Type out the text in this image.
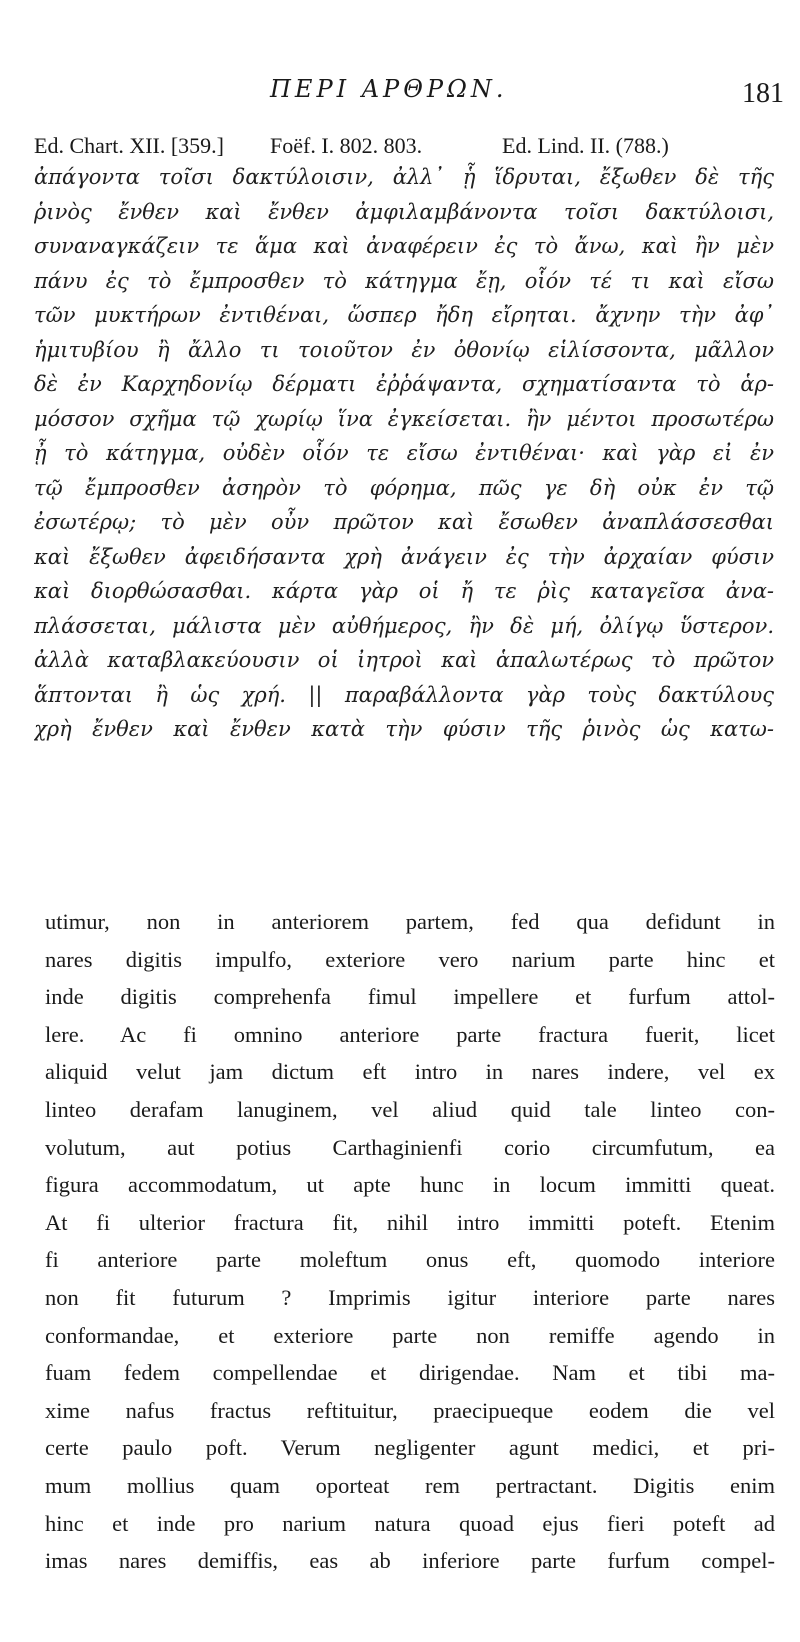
ΠΕΡΙ ΑΡΘΡΩΝ.	181
Ed. Chart. XII. [359.] Foëf. I. 802. 803.	Ed. Lind. II. (788.)
ἀπάγοντα τοῖσι δακτύλοισιν, ἀλλ᾽ ᾗ ἵδρυται, ἔξωθεν δὲ τῆς
ῥινὸς ἔνθεν καὶ ἔνθεν ἀμφιλαμβάνοντα τοῖσι δακτύλοισι,
συναναγκάζειν τε ἅμα καὶ ἀναφέρειν ἐς τὸ ἄνω, καὶ ἢν μὲν
πάνυ ἐς τὸ ἔμπροσθεν τὸ κάτηγμα ἔῃ, οἷόν τέ τι καὶ εἴσω
τῶν μυκτήρων ἐντιθέναι, ὥσπερ ἤδη εἴρηται. ἄχνην τὴν ἀφ᾽
ἡμιτυβίου ἢ ἄλλο τι τοιοῦτον ἐν ὀθονίῳ εἱλίσσοντα, μᾶλλον
δὲ ἐν Καρχηδονίῳ δέρματι ἐῤῥάψαντα, σχηματίσαντα τὸ ἁρ-
μόσσον σχῆμα τῷ χωρίῳ ἵνα ἐγκείσεται. ἢν μέντοι προσωτέρω
ᾖ τὸ κάτηγμα, οὐδὲν οἷόν τε εἴσω ἐντιθέναι· καὶ γὰρ εἰ ἐν
τῷ ἔμπροσθεν ἀσηρὸν τὸ φόρημα, πῶς γε δὴ οὐκ ἐν τῷ
ἐσωτέρῳ; τὸ μὲν οὖν πρῶτον καὶ ἔσωθεν ἀναπλάσσεσθαι
καὶ ἔξωθεν ἀφειδήσαντα χρὴ ἀνάγειν ἐς τὴν ἀρχαίαν φύσιν
καὶ διορθώσασθαι. κάρτα γὰρ οἱ ἤ τε ῥὶς καταγεῖσα ἀνα-
πλάσσεται, μάλιστα μὲν αὐθήμερος, ἢν δὲ μή, ὀλίγῳ ὕστερον.
ἀλλὰ καταβλακεύουσιν οἱ ἰητροὶ καὶ ἁπαλωτέρως τὸ πρῶτον
ἅπτονται ἢ ὡς χρή. || παραβάλλοντα γὰρ τοὺς δακτύλους
χρὴ ἔνθεν καὶ ἔνθεν κατὰ τὴν φύσιν τῆς ῥινὸς ὡς κατω-
utimur, non in anteriorem partem, fed qua defidunt in
nares digitis impulfo, exteriore vero narium parte hinc et
inde digitis comprehenfa fimul impellere et furfum attol-
lere. Ac fi omnino anteriore parte fractura fuerit, licet
aliquid velut jam dictum eft intro in nares indere, vel ex
linteo derafam lanuginem, vel aliud quid tale linteo con-
volutum, aut potius Carthaginienfi corio circumfutum, ea
figura accommodatum, ut apte hunc in locum immitti queat.
At fi ulterior fractura fit, nihil intro immitti poteft. Etenim
fi anteriore parte moleftum onus eft, quomodo interiore
non fit futurum ? Imprimis igitur interiore parte nares
conformandae, et exteriore parte non remiffe agendo in
fuam fedem compellendae et dirigendae. Nam et tibi ma-
xime nafus fractus reftituitur, praecipueque eodem die vel
certe paulo poft. Verum negligenter agunt medici, et pri-
mum mollius quam oporteat rem pertractant. Digitis enim
hinc et inde pro narium natura quoad ejus fieri poteft ad
imas nares demiffis, eas ab inferiore parte furfum compel-
